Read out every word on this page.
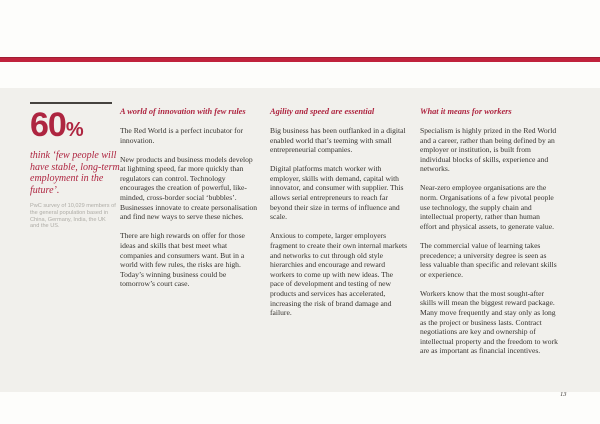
60%
think ‘few people will have stable, long-term employment in the future’.
PwC survey of 10,029 members of the general population based in China, Germany, India, the UK and the US.
A world of innovation with few rules

The Red World is a perfect incubator for innovation.

New products and business models develop at lightning speed, far more quickly than regulators can control. Technology encourages the creation of powerful, like-minded, cross-border social ‘bubbles’. Businesses innovate to create personalisation and find new ways to serve these niches.

There are high rewards on offer for those ideas and skills that best meet what companies and consumers want. But in a world with few rules, the risks are high. Today’s winning business could be tomorrow’s court case.

Agility and speed are essential

Big business has been outflanked in a digital enabled world that’s teeming with small entrepreneurial companies.

Digital platforms match worker with employer, skills with demand, capital with innovator, and consumer with supplier. This allows serial entrepreneurs to reach far beyond their size in terms of influence and scale.

Anxious to compete, larger employers fragment to create their own internal markets and networks to cut through old style hierarchies and encourage and reward workers to come up with new ideas. The pace of development and testing of new products and services has accelerated, increasing the risk of brand damage and failure.

What it means for workers

Specialism is highly prized in the Red World and a career, rather than being defined by an employer or institution, is built from individual blocks of skills, experience and networks.

Near-zero employee organisations are the norm. Organisations of a few pivotal people use technology, the supply chain and intellectual property, rather than human effort and physical assets, to generate value.

The commercial value of learning takes precedence; a university degree is seen as less valuable than specific and relevant skills or experience.

Workers know that the most sought-after skills will mean the biggest reward package. Many move frequently and stay only as long as the project or business lasts. Contract negotiations are key and ownership of intellectual property and the freedom to work are as important as financial incentives.

13
